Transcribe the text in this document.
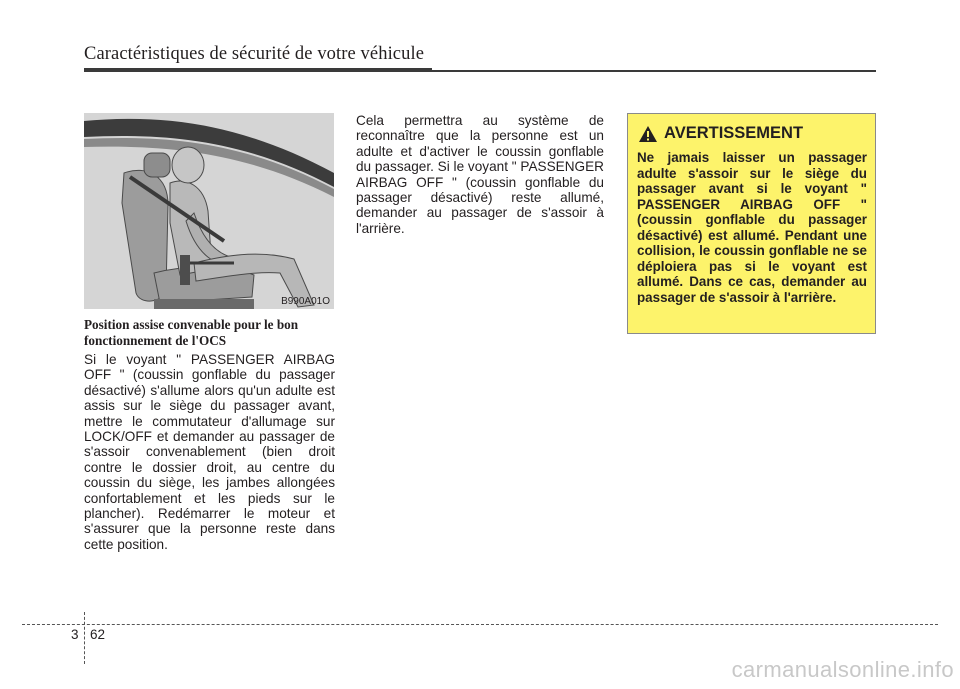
Caractéristiques de sécurité de votre véhicule
B990A01O
Position assise convenable pour le bon fonctionnement de l'OCS
Si le voyant " PASSENGER AIRBAG OFF " (coussin gonflable du passager désactivé) s'allume alors qu'un adulte est assis sur le siège du passager avant, mettre le commutateur d'allumage sur LOCK/OFF et demander au passager de s'assoir convenablement (bien droit contre le dossier droit, au centre du coussin du siège, les jambes allongées confortablement et les pieds sur le plancher). Redémarrer le moteur et s'assurer que la personne reste dans cette position.
Cela permettra au système de reconnaître que la personne est un adulte et d'activer le coussin gonflable du passager. Si le voyant " PASSENGER AIRBAG OFF " (coussin gonflable du passager désactivé) reste allumé, demander au passager de s'assoir à l'arrière.
AVERTISSEMENT
Ne jamais laisser un passager adulte s'assoir sur le siège du passager avant si le voyant " PASSENGER AIRBAG OFF " (coussin gonflable du passager désactivé) est allumé. Pendant une collision, le coussin gonflable ne se déploiera pas si le voyant est allumé. Dans ce cas, demander au passager de s'assoir à l'arrière.
3 62
carmanualsonline.info
